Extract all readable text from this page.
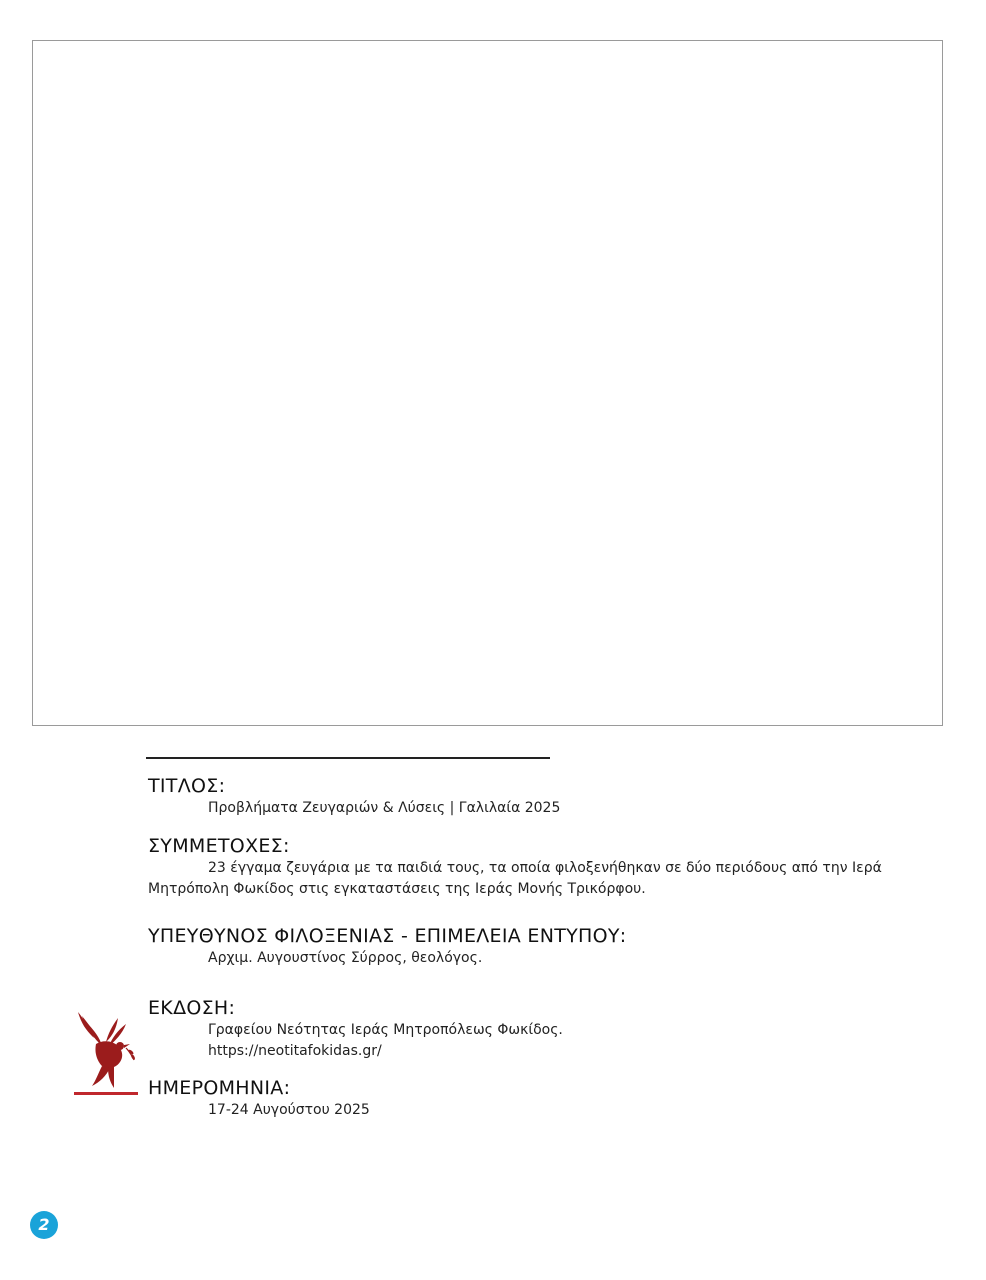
ΤΙΤΛΟΣ:
Προβλήματα Ζευγαριών & Λύσεις | Γαλιλαία 2025
ΣΥΜΜΕΤΟΧΕΣ:
23 έγγαμα ζευγάρια με τα παιδιά τους, τα οποία φιλοξενήθηκαν σε δύο περιόδους από την Ιερά Μητρόπολη Φωκίδος στις εγκαταστάσεις της Ιεράς Μονής Τρικόρφου.
ΥΠΕΥΘΥΝΟΣ ΦΙΛΟΞΕΝΙΑΣ - ΕΠΙΜΕΛΕΙΑ ΕΝΤΥΠΟΥ:
Αρχιμ. Αυγουστίνος Σύρρος, θεολόγος.
ΕΚΔΟΣΗ:
Γραφείου Νεότητας Ιεράς Μητροπόλεως Φωκίδος.
https://neotitafokidas.gr/
ΗΜΕΡΟΜΗΝΙΑ:
17-24 Αυγούστου 2025
2
